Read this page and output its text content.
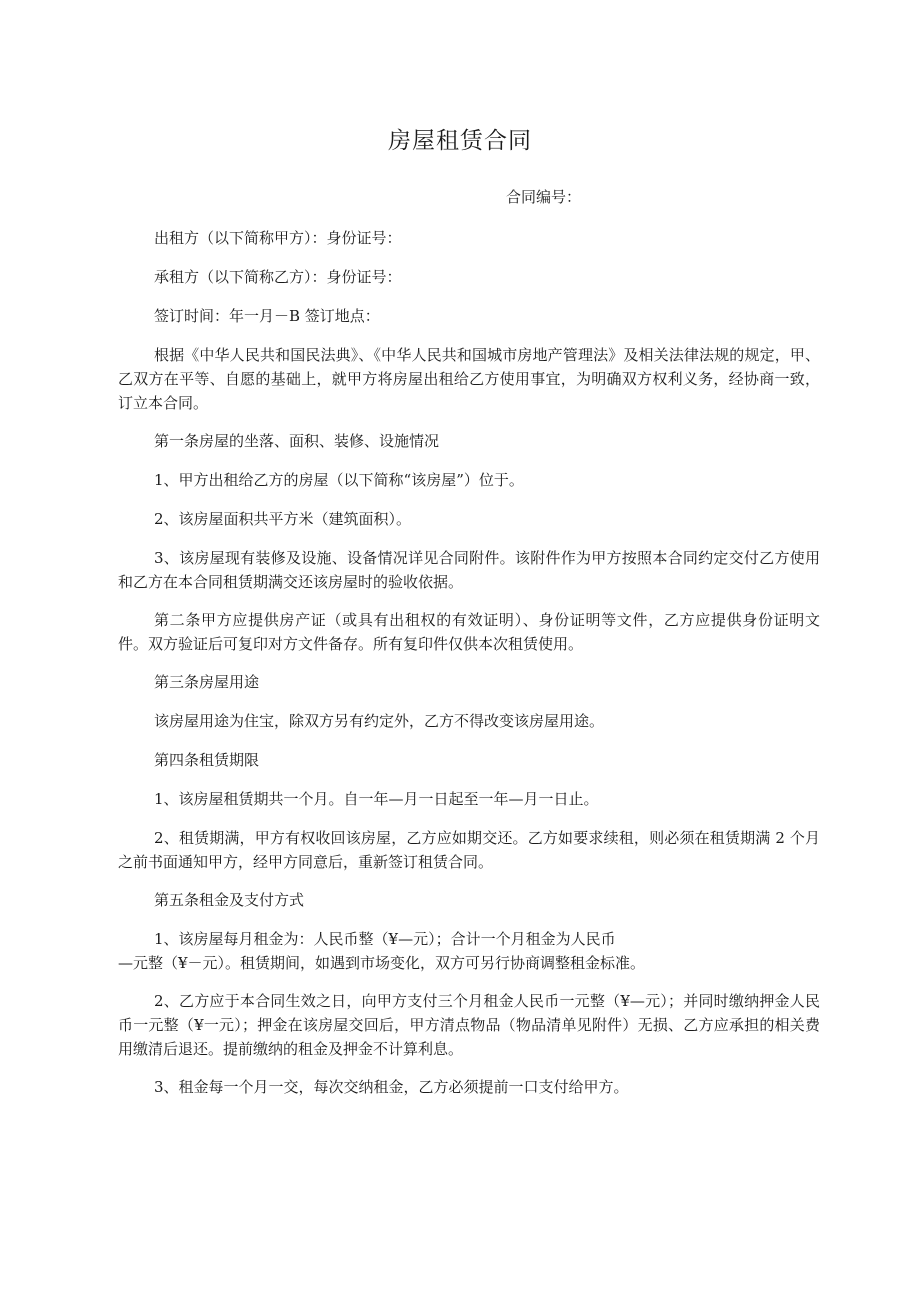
房屋租赁合同

合同编号：

出租方（以下简称甲方）：身份证号：

承租方（以下简称乙方）：身份证号：

签订时间：年一月－B 签订地点：

根据《中华人民共和国民法典》、《中华人民共和国城市房地产管理法》及相关法律法规的规定，甲、乙双方在平等、自愿的基础上，就甲方将房屋出租给乙方使用事宜，为明确双方权利义务，经协商一致，订立本合同。

第一条房屋的坐落、面积、装修、设施情况

1、甲方出租给乙方的房屋（以下简称“该房屋”）位于。

2、该房屋面积共平方米（建筑面积）。

3、该房屋现有装修及设施、设备情况详见合同附件。该附件作为甲方按照本合同约定交付乙方使用和乙方在本合同租赁期满交还该房屋时的验收依据。

第二条甲方应提供房产证（或具有出租权的有效证明）、身份证明等文件，乙方应提供身份证明文件。双方验证后可复印对方文件备存。所有复印件仅供本次租赁使用。

第三条房屋用途

该房屋用途为住宝，除双方另有约定外，乙方不得改变该房屋用途。

第四条租赁期限

1、该房屋租赁期共一个月。自一年—月一日起至一年—月一日止。

2、租赁期满，甲方有权收回该房屋，乙方应如期交还。乙方如要求续租，则必须在租赁期满 2 个月之前书面通知甲方，经甲方同意后，重新签订租赁合同。

第五条租金及支付方式

1、该房屋每月租金为：人民币整（¥—元）；合计一个月租金为人民币
—元整（¥－元）。租赁期间，如遇到市场变化，双方可另行协商调整租金标准。

2、乙方应于本合同生效之日，向甲方支付三个月租金人民币一元整（¥—元）；并同时缴纳押金人民币一元整（¥一元）；押金在该房屋交回后，甲方清点物品（物品清单见附件）无损、乙方应承担的相关费用缴清后退还。提前缴纳的租金及押金不计算利息。

3、租金每一个月一交，每次交纳租金，乙方必须提前一口支付给甲方。
